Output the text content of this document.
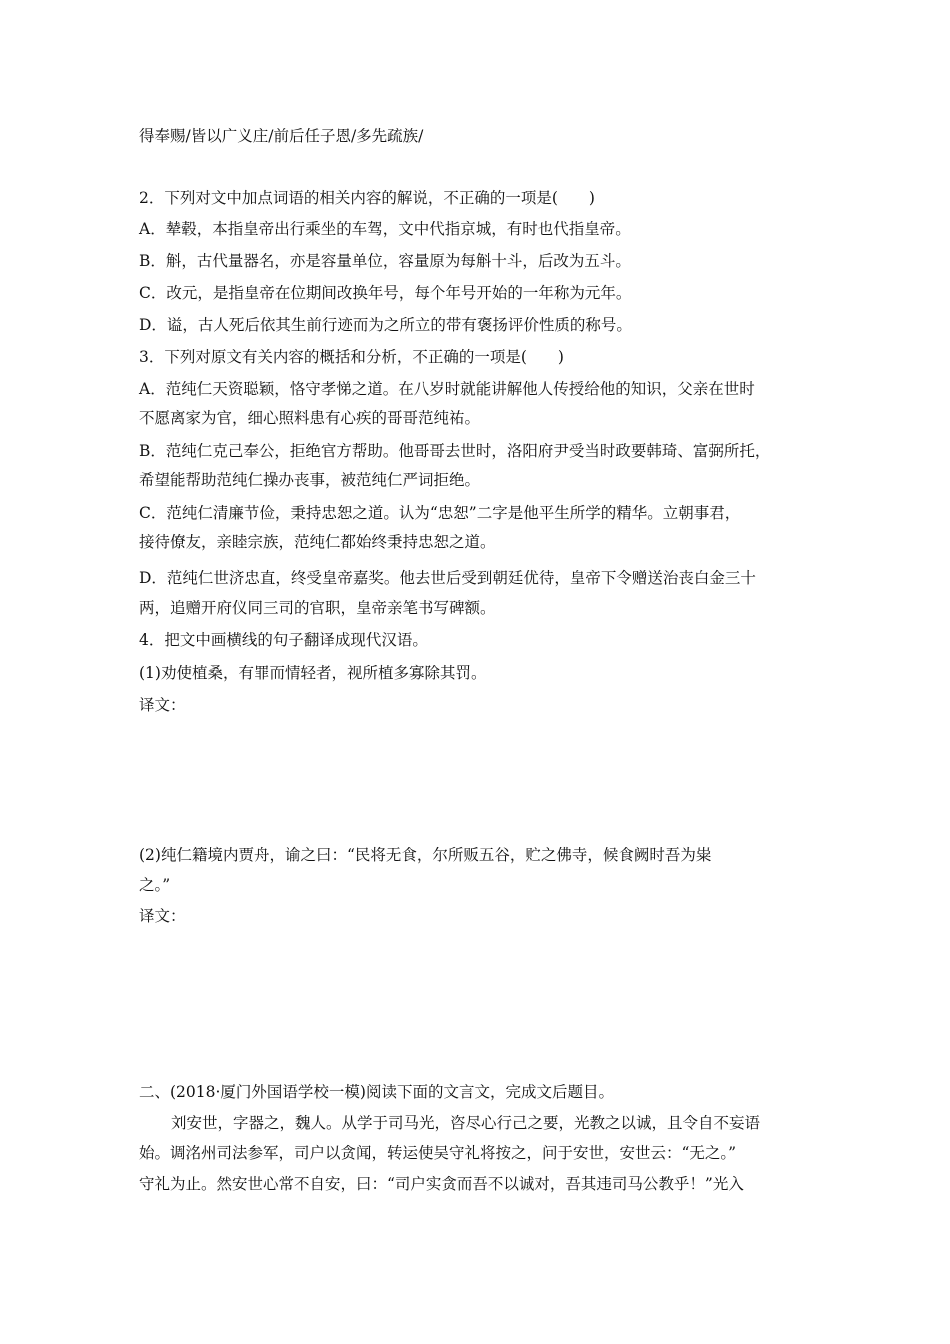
得奉赐/皆以广义庄/前后任子恩/多先疏族/
2．下列对文中加点词语的相关内容的解说，不正确的一项是(　　)
A．辇毂，本指皇帝出行乘坐的车驾，文中代指京城，有时也代指皇帝。
B．斛，古代量器名，亦是容量单位，容量原为每斛十斗，后改为五斗。
C．改元，是指皇帝在位期间改换年号，每个年号开始的一年称为元年。
D．谥，古人死后依其生前行迹而为之所立的带有褒扬评价性质的称号。
3．下列对原文有关内容的概括和分析，不正确的一项是(　　)
A．范纯仁天资聪颖，恪守孝悌之道。在八岁时就能讲解他人传授给他的知识，父亲在世时
不愿离家为官，细心照料患有心疾的哥哥范纯祐。
B．范纯仁克己奉公，拒绝官方帮助。他哥哥去世时，洛阳府尹受当时政要韩琦、富弼所托，
希望能帮助范纯仁操办丧事，被范纯仁严词拒绝。
C．范纯仁清廉节俭，秉持忠恕之道。认为“忠恕”二字是他平生所学的精华。立朝事君，
接待僚友，亲睦宗族，范纯仁都始终秉持忠恕之道。
D．范纯仁世济忠直，终受皇帝嘉奖。他去世后受到朝廷优待，皇帝下令赠送治丧白金三十
两，追赠开府仪同三司的官职，皇帝亲笔书写碑额。
4．把文中画横线的句子翻译成现代汉语。
(1)劝使植桑，有罪而情轻者，视所植多寡除其罚。
译文：
(2)纯仁籍境内贾舟，谕之曰：“民将无食，尔所贩五谷，贮之佛寺，候食阙时吾为粜
之。”
译文：
二、(2018·厦门外国语学校一模)阅读下面的文言文，完成文后题目。
刘安世，字器之，魏人。从学于司马光，咨尽心行己之要，光教之以诚，且令自不妄语
始。调洺州司法参军，司户以贪闻，转运使吴守礼将按之，问于安世，安世云：“无之。”
守礼为止。然安世心常不自安，曰：“司户实贪而吾不以诚对，吾其违司马公教乎！”光入
